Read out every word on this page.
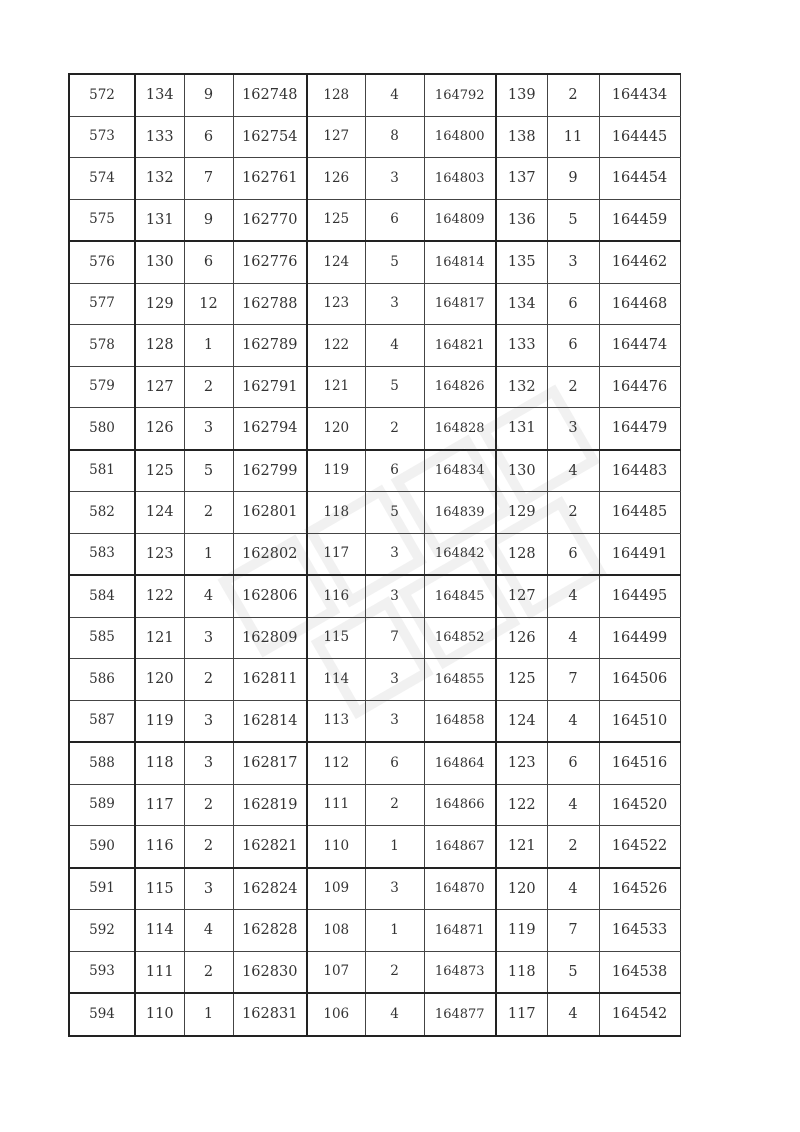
572	134	9	162748	128	4	164792	139	2	164434
573	133	6	162754	127	8	164800	138	11	164445
574	132	7	162761	126	3	164803	137	9	164454
575	131	9	162770	125	6	164809	136	5	164459
576	130	6	162776	124	5	164814	135	3	164462
577	129	12	162788	123	3	164817	134	6	164468
578	128	1	162789	122	4	164821	133	6	164474
579	127	2	162791	121	5	164826	132	2	164476
580	126	3	162794	120	2	164828	131	3	164479
581	125	5	162799	119	6	164834	130	4	164483
582	124	2	162801	118	5	164839	129	2	164485
583	123	1	162802	117	3	164842	128	6	164491
584	122	4	162806	116	3	164845	127	4	164495
585	121	3	162809	115	7	164852	126	4	164499
586	120	2	162811	114	3	164855	125	7	164506
587	119	3	162814	113	3	164858	124	4	164510
588	118	3	162817	112	6	164864	123	6	164516
589	117	2	162819	111	2	164866	122	4	164520
590	116	2	162821	110	1	164867	121	2	164522
591	115	3	162824	109	3	164870	120	4	164526
592	114	4	162828	108	1	164871	119	7	164533
593	111	2	162830	107	2	164873	118	5	164538
594	110	1	162831	106	4	164877	117	4	164542
